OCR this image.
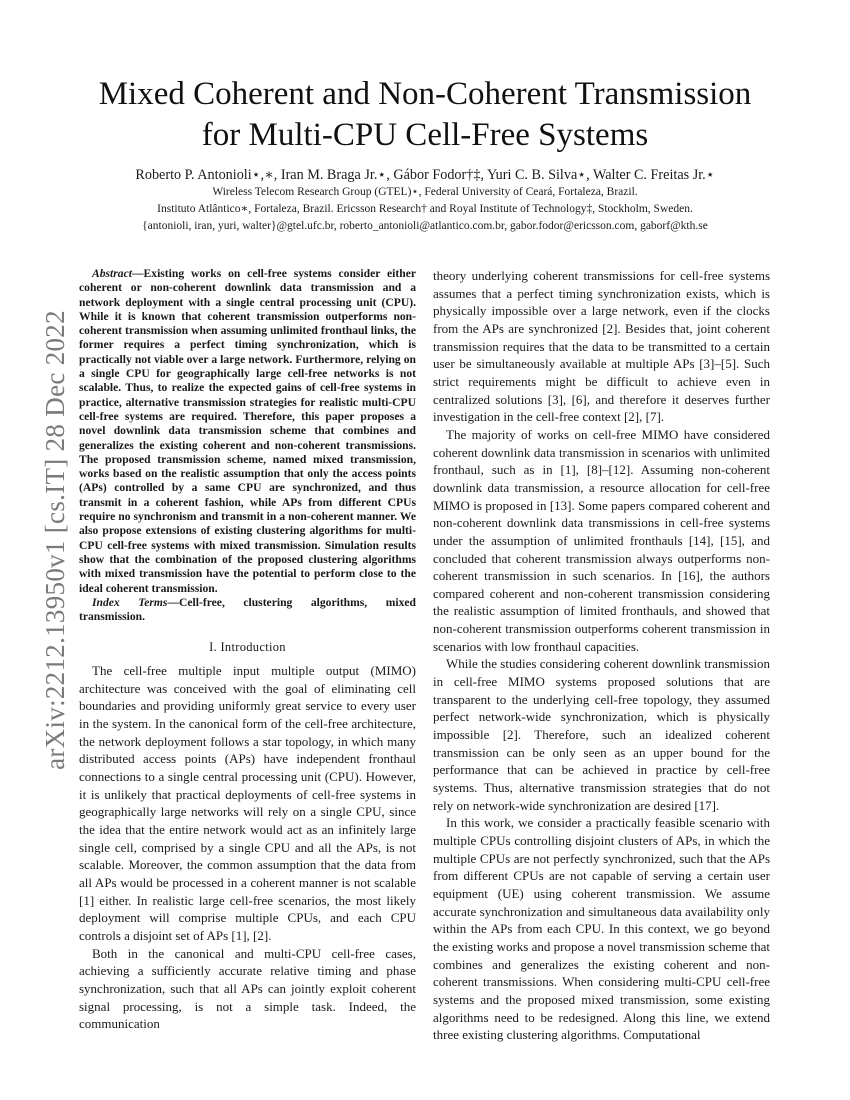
arXiv:2212.13950v1 [cs.IT] 28 Dec 2022
Mixed Coherent and Non-Coherent Transmission
for Multi-CPU Cell-Free Systems
Roberto P. Antonioli⋆,∗, Iran M. Braga Jr.⋆, Gábor Fodor†‡, Yuri C. B. Silva⋆, Walter C. Freitas Jr.⋆
Wireless Telecom Research Group (GTEL)⋆, Federal University of Ceará, Fortaleza, Brazil.
Instituto Atlântico∗, Fortaleza, Brazil. Ericsson Research† and Royal Institute of Technology‡, Stockholm, Sweden.
{antonioli, iran, yuri, walter}@gtel.ufc.br, roberto_antonioli@atlantico.com.br, gabor.fodor@ericsson.com, gaborf@kth.se

Abstract—Existing works on cell-free systems consider either coherent or non-coherent downlink data transmission and a network deployment with a single central processing unit (CPU). While it is known that coherent transmission outperforms non-coherent transmission when assuming unlimited fronthaul links, the former requires a perfect timing synchronization, which is practically not viable over a large network. Furthermore, relying on a single CPU for geographically large cell-free networks is not scalable. Thus, to realize the expected gains of cell-free systems in practice, alternative transmission strategies for realistic multi-CPU cell-free systems are required. Therefore, this paper proposes a novel downlink data transmission scheme that combines and generalizes the existing coherent and non-coherent transmissions. The proposed transmission scheme, named mixed transmission, works based on the realistic assumption that only the access points (APs) controlled by a same CPU are synchronized, and thus transmit in a coherent fashion, while APs from different CPUs require no synchronism and transmit in a non-coherent manner. We also propose extensions of existing clustering algorithms for multi-CPU cell-free systems with mixed transmission. Simulation results show that the combination of the proposed clustering algorithms with mixed transmission have the potential to perform close to the ideal coherent transmission.

Index Terms—Cell-free, clustering algorithms, mixed transmission.

I. Introduction

The cell-free multiple input multiple output (MIMO) architecture was conceived with the goal of eliminating cell boundaries and providing uniformly great service to every user in the system. In the canonical form of the cell-free architecture, the network deployment follows a star topology, in which many distributed access points (APs) have independent fronthaul connections to a single central processing unit (CPU). However, it is unlikely that practical deployments of cell-free systems in geographically large networks will rely on a single CPU, since the idea that the entire network would act as an infinitely large single cell, comprised by a single CPU and all the APs, is not scalable. Moreover, the common assumption that the data from all APs would be processed in a coherent manner is not scalable [1] either. In realistic large cell-free scenarios, the most likely deployment will comprise multiple CPUs, and each CPU controls a disjoint set of APs [1], [2].

Both in the canonical and multi-CPU cell-free cases, achieving a sufficiently accurate relative timing and phase synchronization, such that all APs can jointly exploit coherent signal processing, is not a simple task. Indeed, the communication

theory underlying coherent transmissions for cell-free systems assumes that a perfect timing synchronization exists, which is physically impossible over a large network, even if the clocks from the APs are synchronized [2]. Besides that, joint coherent transmission requires that the data to be transmitted to a certain user be simultaneously available at multiple APs [3]–[5]. Such strict requirements might be difficult to achieve even in centralized solutions [3], [6], and therefore it deserves further investigation in the cell-free context [2], [7].

The majority of works on cell-free MIMO have considered coherent downlink data transmission in scenarios with unlimited fronthaul, such as in [1], [8]–[12]. Assuming non-coherent downlink data transmission, a resource allocation for cell-free MIMO is proposed in [13]. Some papers compared coherent and non-coherent downlink data transmissions in cell-free systems under the assumption of unlimited fronthauls [14], [15], and concluded that coherent transmission always outperforms non-coherent transmission in such scenarios. In [16], the authors compared coherent and non-coherent transmission considering the realistic assumption of limited fronthauls, and showed that non-coherent transmission outperforms coherent transmission in scenarios with low fronthaul capacities.

While the studies considering coherent downlink transmission in cell-free MIMO systems proposed solutions that are transparent to the underlying cell-free topology, they assumed perfect network-wide synchronization, which is physically impossible [2]. Therefore, such an idealized coherent transmission can be only seen as an upper bound for the performance that can be achieved in practice by cell-free systems. Thus, alternative transmission strategies that do not rely on network-wide synchronization are desired [17].

In this work, we consider a practically feasible scenario with multiple CPUs controlling disjoint clusters of APs, in which the multiple CPUs are not perfectly synchronized, such that the APs from different CPUs are not capable of serving a certain user equipment (UE) using coherent transmission. We assume accurate synchronization and simultaneous data availability only within the APs from each CPU. In this context, we go beyond the existing works and propose a novel transmission scheme that combines and generalizes the existing coherent and non-coherent transmissions. When considering multi-CPU cell-free systems and the proposed mixed transmission, some existing algorithms need to be redesigned. Along this line, we extend three existing clustering algorithms. Computational
